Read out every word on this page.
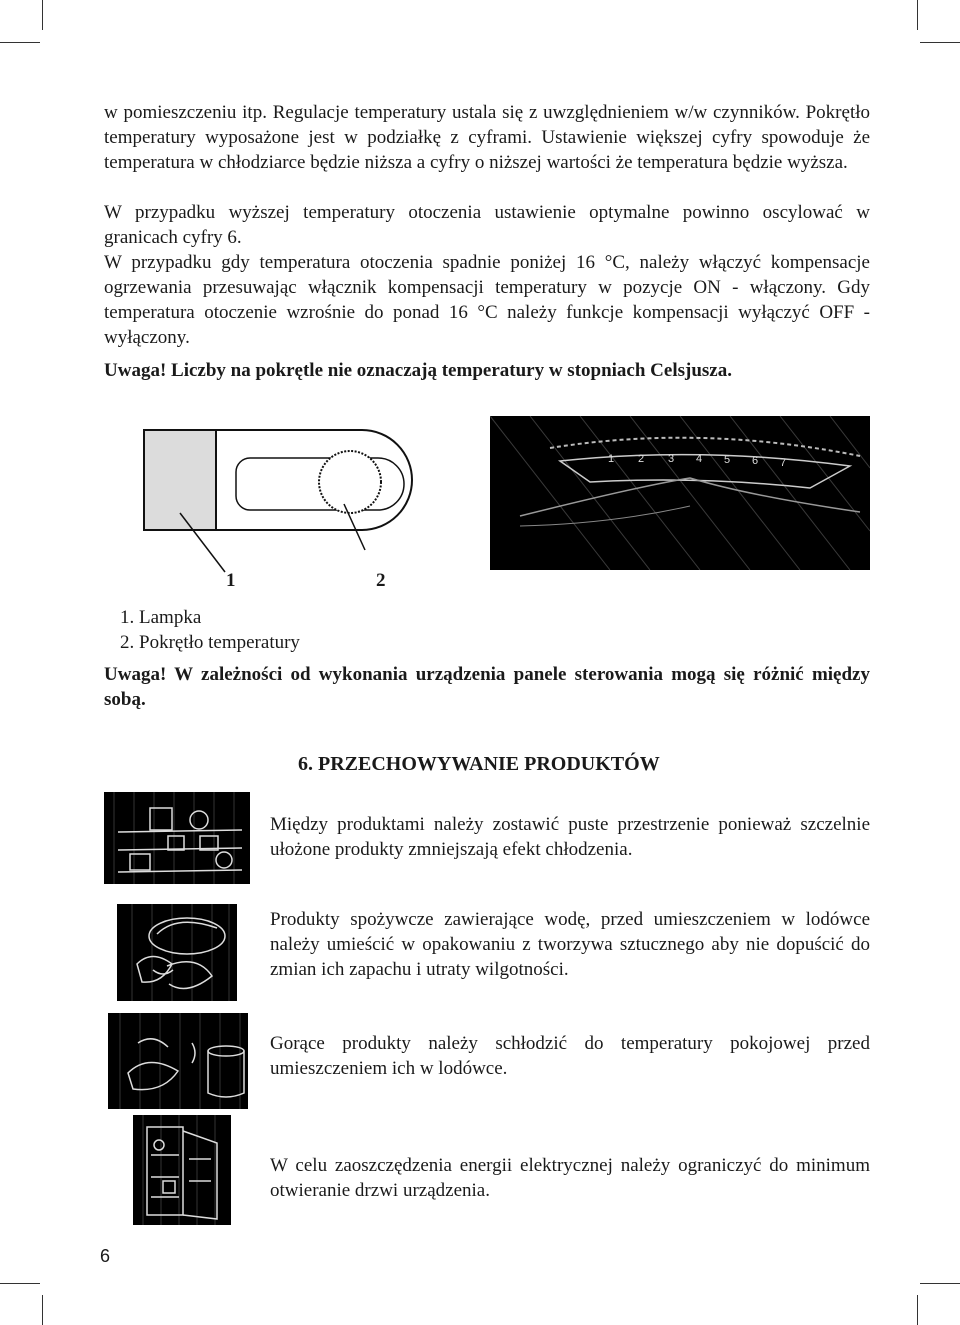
w pomieszczeniu itp. Regulacje temperatury ustala się z uwzględnieniem w/w czynników. Pokrętło temperatury wyposażone jest w podziałkę z cyframi. Ustawienie większej cyfry spowoduje że temperatura w chłodziarce będzie niższa a cyfry o niższej wartości że temperatura będzie wyższa.

W przypadku wyższej temperatury otoczenia ustawienie optymalne powinno oscylować w granicach cyfry 6.

W przypadku gdy temperatura otoczenia spadnie poniżej 16 °C, należy włączyć kompensacje ogrzewania przesuwając włącznik kompensacji temperatury w pozycje ON - włączony. Gdy temperatura otoczenie wzrośnie do ponad 16 °C należy funkcje kompensacji wyłączyć OFF - wyłączony.

Uwaga! Liczby na pokrętle nie oznaczają temperatury w stopniach Celsjusza.

1	2
1 2 3 4 5 6 7
1. Lampka
2. Pokrętło temperatury

Uwaga! W zależności od wykonania urządzenia panele sterowania mogą się różnić między sobą.

6. PRZECHOWYWANIE PRODUKTÓW

Między produktami należy zostawić puste przestrzenie ponieważ szczelnie ułożone produkty zmniejszają efekt chłodzenia.

Produkty spożywcze zawierające wodę, przed umieszczeniem w lodówce należy umieścić w opakowaniu z tworzywa sztucznego aby nie dopuścić do zmian ich zapachu i utraty wilgotności.

Gorące produkty należy schłodzić do temperatury pokojowej przed umieszczeniem ich w lodówce.

W celu zaoszczędzenia energii elektrycznej należy ograniczyć do minimum otwieranie drzwi urządzenia.

6
